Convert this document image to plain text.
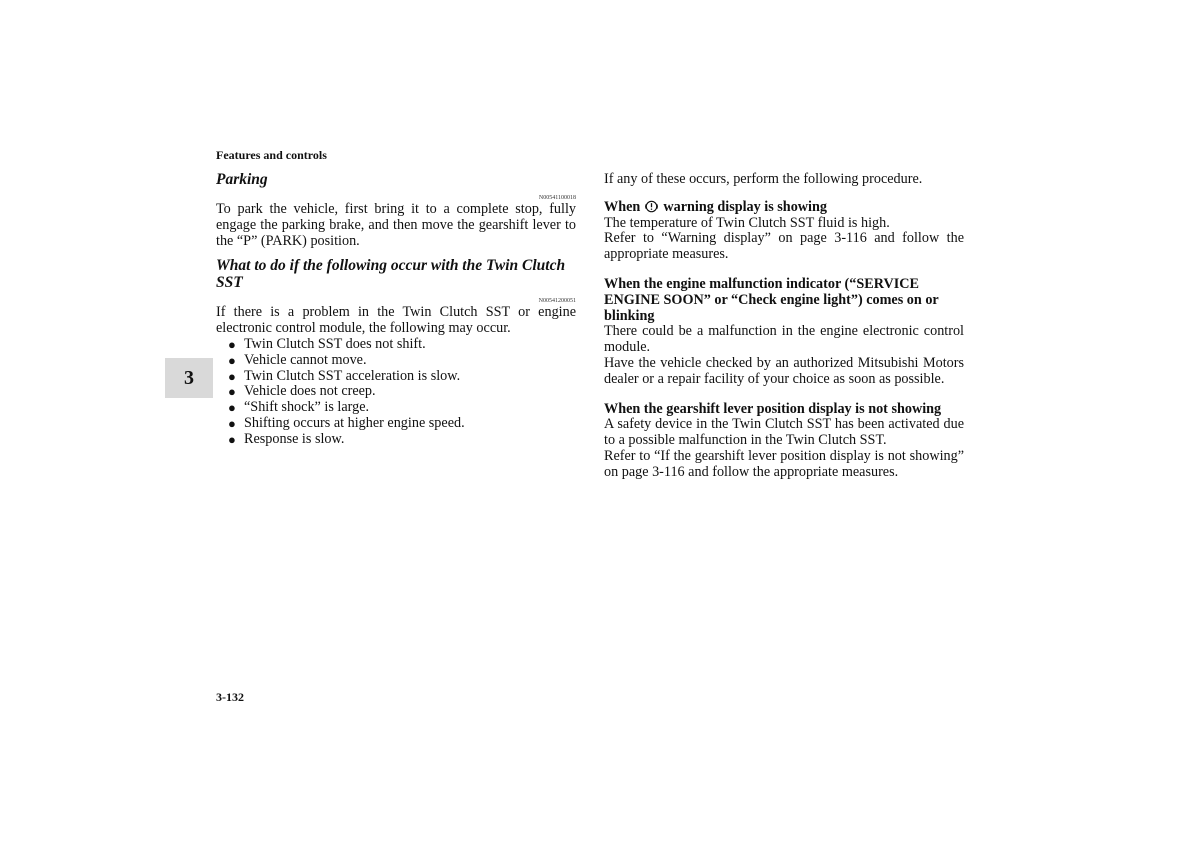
Features and controls
3
Parking
N00541100018

To park the vehicle, first bring it to a complete stop, fully engage the parking brake, and then move the gearshift lever to the “P” (PARK) position.

What to do if the following occur with the Twin Clutch SST
N00541200051

If there is a problem in the Twin Clutch SST or engine electronic control module, the following may occur.

● Twin Clutch SST does not shift.
● Vehicle cannot move.
● Twin Clutch SST acceleration is slow.
● Vehicle does not creep.
● “Shift shock” is large.
● Shifting occurs at higher engine speed.
● Response is slow.

If any of these occurs, perform the following procedure.

When warning display is showing

The temperature of Twin Clutch SST fluid is high.

Refer to “Warning display” on page 3-116 and follow the appropriate measures.

When the engine malfunction indicator (“SERVICE ENGINE SOON” or “Check engine light”) comes on or blinking

There could be a malfunction in the engine electronic control module.

Have the vehicle checked by an authorized Mitsubishi Motors dealer or a repair facility of your choice as soon as possible.

When the gearshift lever position display is not showing

A safety device in the Twin Clutch SST has been activated due to a possible malfunction in the Twin Clutch SST.

Refer to “If the gearshift lever position display is not showing” on page 3-116 and follow the appropriate measures.

3-132
